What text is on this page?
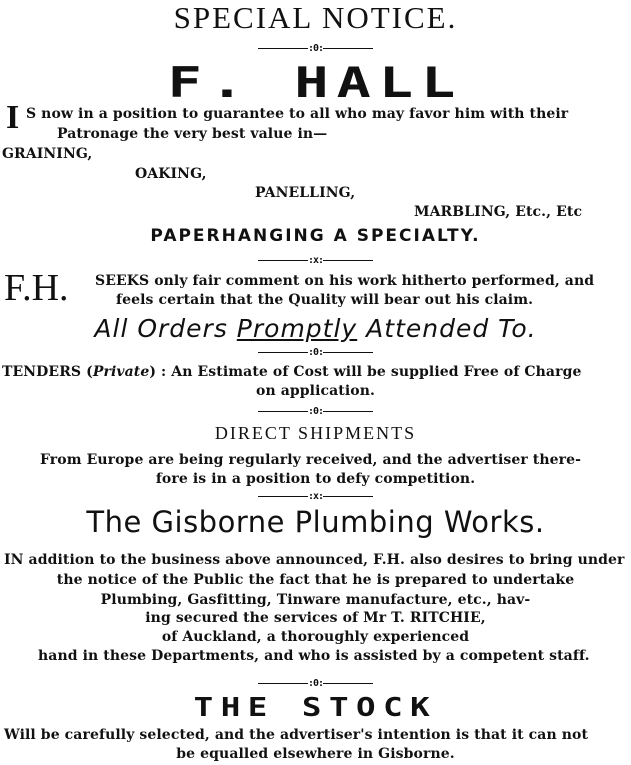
SPECIAL NOTICE.
:0:
F. HALL
I S now in a position to guarantee to all who may favor him with their
Patronage the very best value in—
GRAINING,
OAKING,
PANELLING,
MARBLING, Etc., Etc
PAPERHANGING A SPECIALTY.
:x:
F.H. SEEKS only fair comment on his work hitherto performed, and
feels certain that the Quality will bear out his claim.
All Orders Promptly Attended To.
:0:
TENDERS (Private) : An Estimate of Cost will be supplied Free of Charge
on application.
:0:
DIRECT SHIPMENTS
From Europe are being regularly received, and the advertiser there-
fore is in a position to defy competition.
:x:
The Gisborne Plumbing Works.
IN addition to the business above announced, F.H. also desires to bring under
the notice of the Public the fact that he is prepared to undertake
Plumbing, Gasfitting, Tinware manufacture, etc., hav-
ing secured the services of Mr T. RITCHIE,
of Auckland, a thoroughly experienced
hand in these Departments, and who is assisted by a competent staff.
:0:
THE STOCK
Will be carefully selected, and the advertiser's intention is that it can not
be equalled elsewhere in Gisborne.
